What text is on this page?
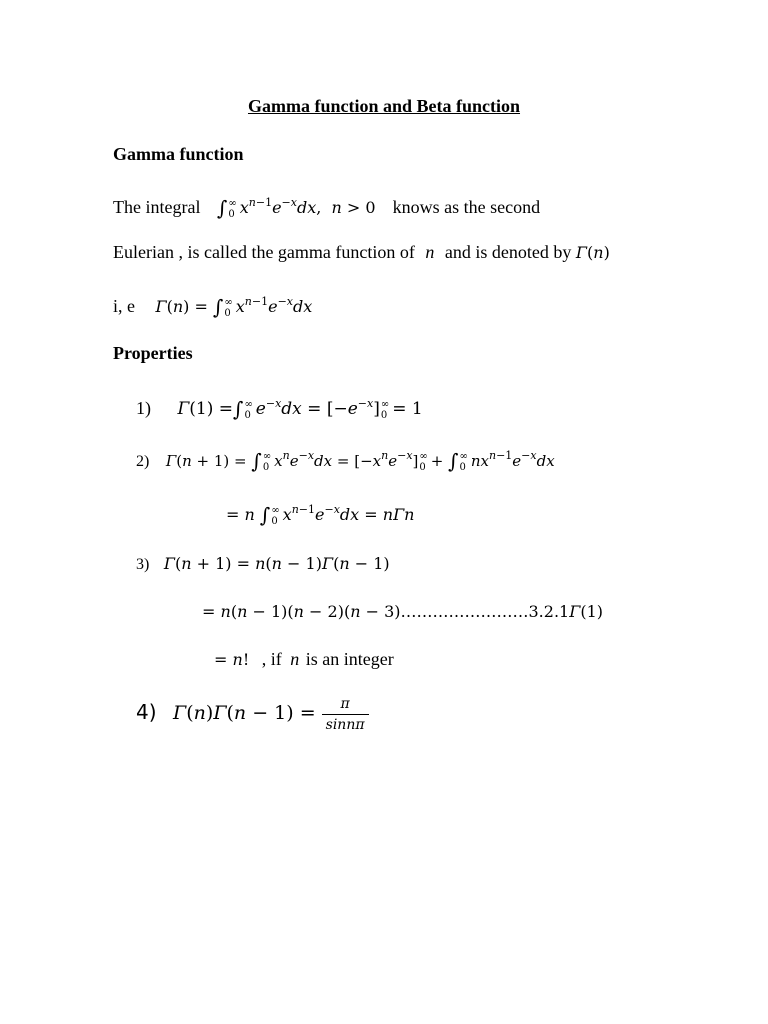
Gamma function and Beta function
Gamma function
The integral ∫ ∞
0 $x^{n-1}e^{-x}dx$,  n > 0 knows as the second
Eulerian , is called the gamma function of n and is denoted by Γ(n)
i, e Γ(n) = ∫ ∞
0 $x^{n-1}e^{-x}dx$
Properties
1) Γ(1) =∫ ∞
0 $e^{-x}dx = [-e^{-x}]$ ∞
0 = 1
2) Γ(n + 1) = ∫ ∞
0 $x^ne^{-x}dx = [-x^ne^{-x}]$ ∞
0 + ∫ ∞
0 $nx^{n-1}e^{-x}dx$
= n ∫ ∞
0 $x^{n-1}e^{-x}dx = n\Gamma n$
3) Γ(n + 1) = n(n − 1)Γ(n − 1)
= n(n − 1)(n − 2)(n − 3)……………………3.2.1Γ(1)
= n! , if n is an integer
4) $\Gamma(n)\Gamma(n - 1) = \frac{\pi}{\sin n\pi}$
